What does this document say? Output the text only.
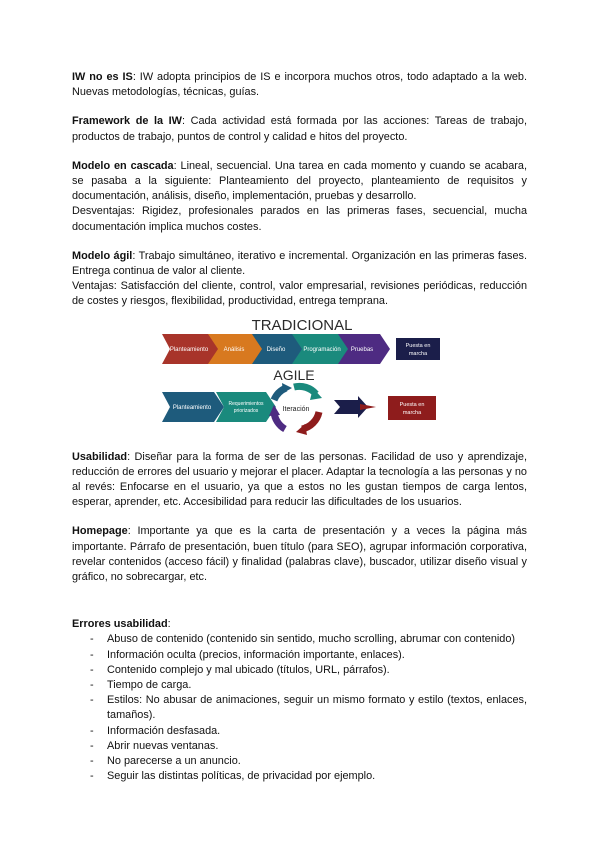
IW no es IS: IW adopta principios de IS e incorpora muchos otros, todo adaptado a la web. Nuevas metodologías, técnicas, guías.

Framework de la IW: Cada actividad está formada por las acciones: Tareas de trabajo, productos de trabajo, puntos de control y calidad e hitos del proyecto.

Modelo en cascada: Lineal, secuencial. Una tarea en cada momento y cuando se acabara, se pasaba a la siguiente: Planteamiento del proyecto, planteamiento de requisitos y documentación, análisis, diseño, implementación, pruebas y desarrollo.

Desventajas: Rigidez, profesionales parados en las primeras fases, secuencial, mucha documentación implica muchos costes.

Modelo ágil: Trabajo simultáneo, iterativo e incremental. Organización en las primeras fases. Entrega continua de valor al cliente.

Ventajas: Satisfacción del cliente, control, valor empresarial, revisiones periódicas, reducción de costes y riesgos, flexibilidad, productividad, entrega temprana.

TRADICIONAL
Planteamiento	Análisis	Diseño	Programación Pruebas
Puesta en
marcha
AGILE
Planteamiento
Requerimientos
priorizados
Puesta en
marcha
Iteración

Usabilidad: Diseñar para la forma de ser de las personas. Facilidad de uso y aprendizaje, reducción de errores del usuario y mejorar el placer. Adaptar la tecnología a las personas y no al revés: Enfocarse en el usuario, ya que a estos no les gustan tiempos de carga lentos, esperar, aprender, etc. Accesibilidad para reducir las dificultades de los usuarios.

Homepage: Importante ya que es la carta de presentación y a veces la página más importante. Párrafo de presentación, buen título (para SEO), agrupar información corporativa, revelar contenidos (acceso fácil) y finalidad (palabras clave), buscador, utilizar diseño visual y gráfico, no sobrecargar, etc.

Errores usabilidad:

- Abuso de contenido (contenido sin sentido, mucho scrolling, abrumar con contenido)
- Información oculta (precios, información importante, enlaces).
- Contenido complejo y mal ubicado (títulos, URL, párrafos).
- Tiempo de carga.
- Estilos: No abusar de animaciones, seguir un mismo formato y estilo (textos, enlaces, tamaños).
- Información desfasada.
- Abrir nuevas ventanas.
- No parecerse a un anuncio.
- Seguir las distintas políticas, de privacidad por ejemplo.
